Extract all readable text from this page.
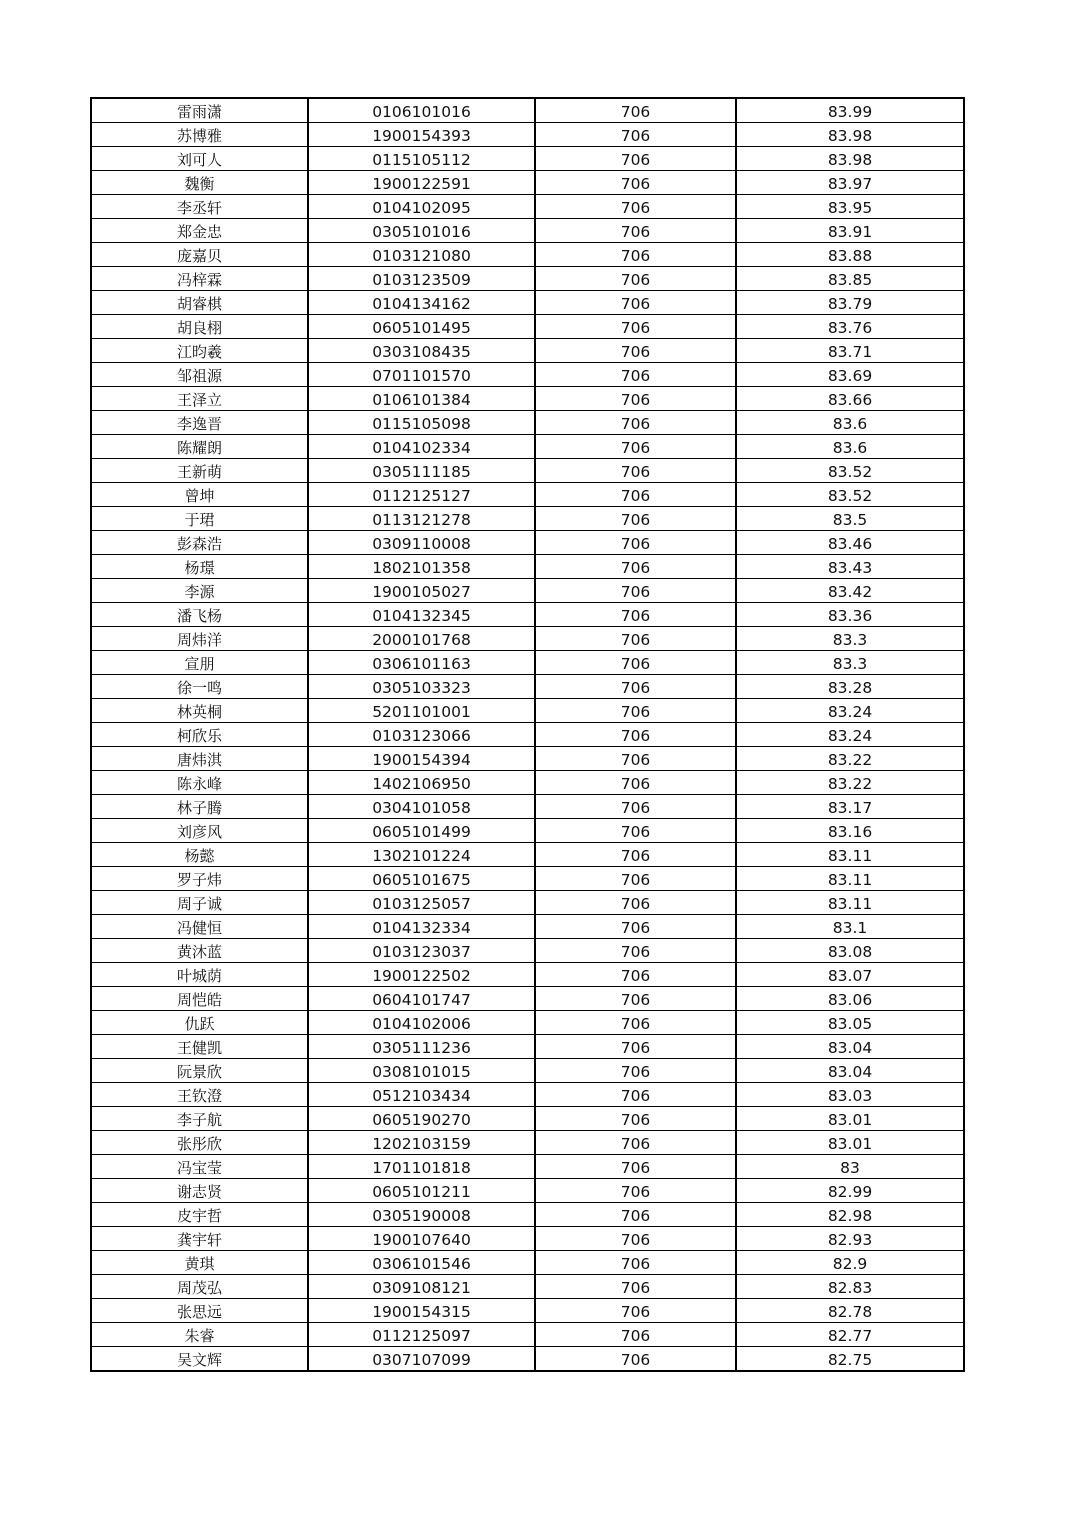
雷雨潇	0106101016	706	83.99
苏博雅	1900154393	706	83.98
刘可人	0115105112	706	83.98
魏衡	1900122591	706	83.97
李丞轩	0104102095	706	83.95
郑金忠	0305101016	706	83.91
庞嘉贝	0103121080	706	83.88
冯梓霖	0103123509	706	83.85
胡睿棋	0104134162	706	83.79
胡良栩	0605101495	706	83.76
江昀羲	0303108435	706	83.71
邹祖源	0701101570	706	83.69
王泽立	0106101384	706	83.66
李逸晋	0115105098	706	83.6
陈耀朗	0104102334	706	83.6
王新萌	0305111185	706	83.52
曾坤	0112125127	706	83.52
于珺	0113121278	706	83.5
彭森浩	0309110008	706	83.46
杨璟	1802101358	706	83.43
李源	1900105027	706	83.42
潘飞杨	0104132345	706	83.36
周炜洋	2000101768	706	83.3
宣朋	0306101163	706	83.3
徐一鸣	0305103323	706	83.28
林英桐	5201101001	706	83.24
柯欣乐	0103123066	706	83.24
唐炜淇	1900154394	706	83.22
陈永峰	1402106950	706	83.22
林子腾	0304101058	706	83.17
刘彦风	0605101499	706	83.16
杨懿	1302101224	706	83.11
罗子炜	0605101675	706	83.11
周子诚	0103125057	706	83.11
冯健恒	0104132334	706	83.1
黄沐蓝	0103123037	706	83.08
叶城荫	1900122502	706	83.07
周恺皓	0604101747	706	83.06
仇跃	0104102006	706	83.05
王健凯	0305111236	706	83.04
阮景欣	0308101015	706	83.04
王钦澄	0512103434	706	83.03
李子航	0605190270	706	83.01
张彤欣	1202103159	706	83.01
冯宝莹	1701101818	706	83
谢志贤	0605101211	706	82.99
皮宇哲	0305190008	706	82.98
龚宇轩	1900107640	706	82.93
黄琪	0306101546	706	82.9
周茂弘	0309108121	706	82.83
张思远	1900154315	706	82.78
朱睿	0112125097	706	82.77
吴文辉	0307107099	706	82.75
